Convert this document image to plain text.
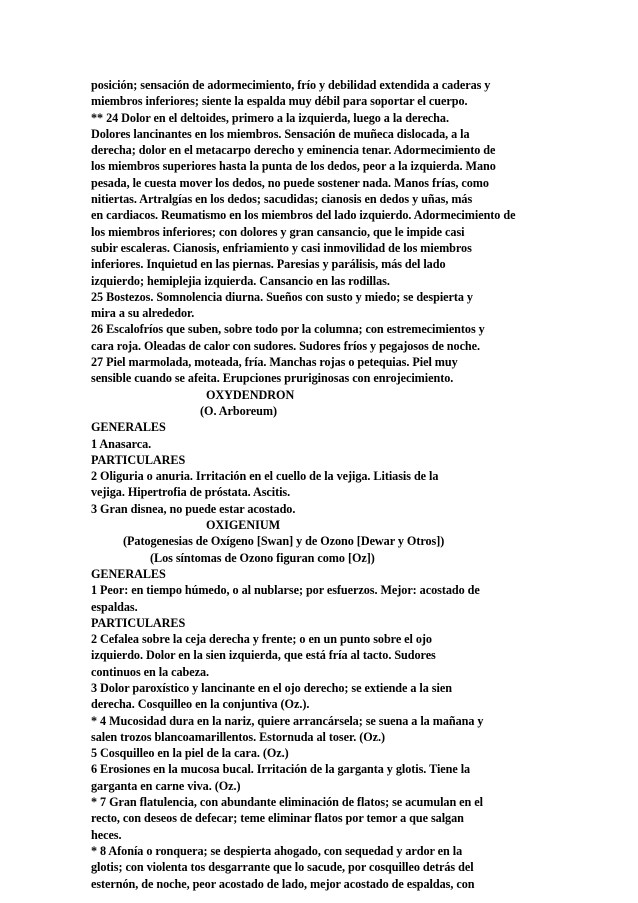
posición; sensación de adormecimiento, frío y debilidad extendida a caderas y
miembros inferiores; siente la espalda muy débil para soportar el cuerpo.
** 24 Dolor en el deltoides, primero a la izquierda, luego a la derecha.
Dolores lancinantes en los miembros. Sensación de muñeca dislocada, a la
derecha; dolor en el metacarpo derecho y eminencia tenar. Adormecimiento de
los miembros superiores hasta la punta de los dedos, peor a la izquierda. Mano
pesada, le cuesta mover los dedos, no puede sostener nada. Manos frías, como
nitiertas. Artralgías en los dedos; sacudidas; cianosis en dedos y uñas, más
en cardiacos. Reumatismo en los miembros del lado izquierdo. Adormecimiento de
los miembros inferiores; con dolores y gran cansancio, que le impide casi
subir escaleras. Cianosis, enfriamiento y casi inmovilidad de los miembros
inferiores. Inquietud en las piernas. Paresias y parálisis, más del lado
izquierdo; hemiplejia izquierda. Cansancio en las rodillas.
25 Bostezos. Somnolencia diurna. Sueños con susto y miedo; se despierta y
mira a su alrededor.
26 Escalofríos que suben, sobre todo por la columna; con estremecimientos y
cara roja. Oleadas de calor con sudores. Sudores fríos y pegajosos de noche.
27 Piel marmolada, moteada, fría. Manchas rojas o petequias. Piel muy
sensible cuando se afeita. Erupciones pruriginosas con enrojecimiento.
OXYDENDRON
(O. Arboreum)
GENERALES
1 Anasarca.
PARTICULARES
2 Oliguria o anuria. Irritación en el cuello de la vejiga. Litiasis de la
vejiga. Hipertrofia de próstata. Ascitis.
3 Gran disnea, no puede estar acostado.
OXIGENIUM
(Patogenesias de Oxígeno [Swan] y de Ozono [Dewar y Otros])
(Los síntomas de Ozono figuran como [Oz])
GENERALES
1 Peor: en tiempo húmedo, o al nublarse; por esfuerzos. Mejor: acostado de
espaldas.
PARTICULARES
2 Cefalea sobre la ceja derecha y frente; o en un punto sobre el ojo
izquierdo. Dolor en la sien izquierda, que está fría al tacto. Sudores
continuos en la cabeza.
3 Dolor paroxístico y lancinante en el ojo derecho; se extiende a la sien
derecha. Cosquilleo en la conjuntiva (Oz.).
* 4 Mucosidad dura en la nariz, quiere arrancársela; se suena a la mañana y
salen trozos blancoamarillentos. Estornuda al toser. (Oz.)
5 Cosquilleo en la piel de la cara. (Oz.)
6 Erosiones en la mucosa bucal. Irritación de la garganta y glotis. Tiene la
garganta en carne viva. (Oz.)
* 7 Gran flatulencia, con abundante eliminación de flatos; se acumulan en el
recto, con deseos de defecar; teme eliminar flatos por temor a que salgan
heces.
* 8 Afonía o ronquera; se despierta ahogado, con sequedad y ardor en la
glotis; con violenta tos desgarrante que lo sacude, por cosquilleo detrás del
esternón, de noche, peor acostado de lado, mejor acostado de espaldas, con
